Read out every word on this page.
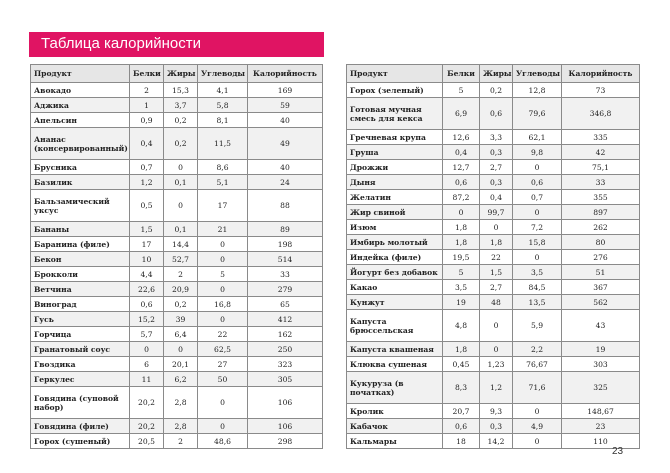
Таблица калорийности
Продукт	Белки	Жиры	Углеводы	Калорийность
Авокадо	2	15,3	4,1	169
Аджика	1	3,7	5,8	59
Апельсин	0,9	0,2	8,1	40
Ананас (консервированный)	0,4	0,2	11,5	49
Брусника	0,7	0	8,6	40
Базилик	1,2	0,1	5,1	24
Бальзамический уксус	0,5	0	17	88
Бананы	1,5	0,1	21	89
Баранина (филе)	17	14,4	0	198
Бекон	10	52,7	0	514
Брокколи	4,4	2	5	33
Ветчина	22,6	20,9	0	279
Виноград	0,6	0,2	16,8	65
Гусь	15,2	39	0	412
Горчица	5,7	6,4	22	162
Гранатовый соус	0	0	62,5	250
Гвоздика	6	20,1	27	323
Геркулес	11	6,2	50	305
Говядина (суповой набор)	20,2	2,8	0	106
Говядина (филе)	20,2	2,8	0	106
Горох (сушеный)	20,5	2	48,6	298
Продукт	Белки	Жиры	Углеводы	Калорийность
Горох (зеленый)	5	0,2	12,8	73
Готовая мучная смесь для кекса	6,9	0,6	79,6	346,8
Гречневая крупа	12,6	3,3	62,1	335
Груша	0,4	0,3	9,8	42
Дрожжи	12,7	2,7	0	75,1
Дыня	0,6	0,3	0,6	33
Желатин	87,2	0,4	0,7	355
Жир свиной	0	99,7	0	897
Изюм	1,8	0	7,2	262
Имбирь молотый	1,8	1,8	15,8	80
Индейка (филе)	19,5	22	0	276
Йогурт без добавок	5	1,5	3,5	51
Какао	3,5	2,7	84,5	367
Кунжут	19	48	13,5	562
Капуста брюссельская	4,8	0	5,9	43
Капуста квашеная	1,8	0	2,2	19
Клюква сушеная	0,45	1,23	76,67	303
Кукуруза (в початках)	8,3	1,2	71,6	325
Кролик	20,7	9,3	0	148,67
Кабачок	0,6	0,3	4,9	23
Кальмары	18	14,2	0	110
23
